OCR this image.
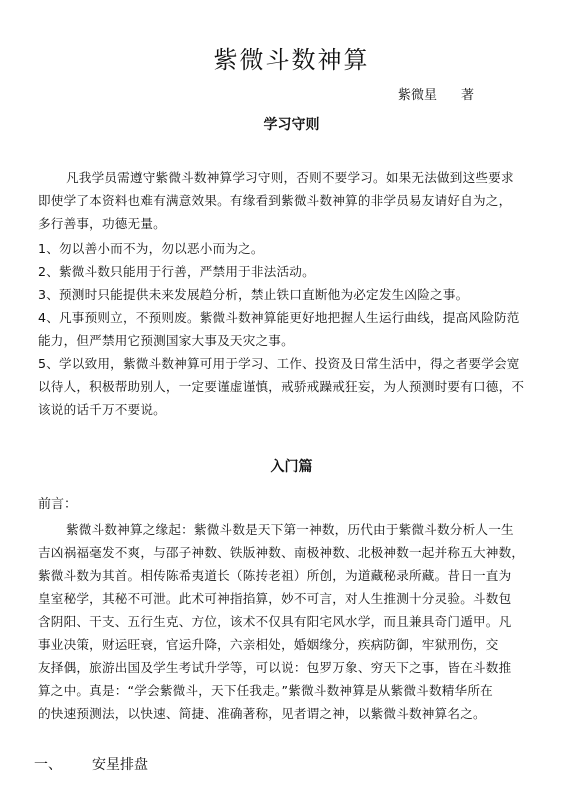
紫微斗数神算
紫微星 著
学习守则
凡我学员需遵守紫微斗数神算学习守则，否则不要学习。如果无法做到这些要求
即使学了本资料也难有满意效果。有缘看到紫微斗数神算的非学员易友请好自为之，
多行善事，功德无量。
1、勿以善小而不为，勿以恶小而为之。
2、紫微斗数只能用于行善，严禁用于非法活动。
3、预测时只能提供未来发展趋分析，禁止铁口直断他为必定发生凶险之事。
4、凡事预则立，不预则废。紫微斗数神算能更好地把握人生运行曲线，提高风险防范
能力，但严禁用它预测国家大事及天灾之事。
5、学以致用，紫微斗数神算可用于学习、工作、投资及日常生活中，得之者要学会宽
以待人，积极帮助别人，一定要谨虚谨慎，戒骄戒躁戒狂妄，为人预测时要有口德，不
该说的话千万不要说。
入门篇
前言：
紫微斗数神算之缘起：紫微斗数是天下第一神数，历代由于紫微斗数分析人一生
吉凶祸福毫发不爽，与邵子神数、铁版神数、南极神数、北极神数一起并称五大神数，
紫微斗数为其首。相传陈希夷道长（陈抟老祖）所创，为道藏秘录所藏。昔日一直为
皇室秘学，其秘不可泄。此术可神指掐算，妙不可言，对人生推测十分灵验。斗数包
含阴阳、干支、五行生克、方位，该术不仅具有阳宅风水学，而且兼具奇门遁甲。凡
事业决策，财运旺衰，官运升降，六亲相处，婚姻缘分，疾病防御，牢狱刑伤，交
友择偶，旅游出国及学生考试升学等，可以说：包罗万象、穷天下之事，皆在斗数推
算之中。真是：“学会紫微斗，天下任我走。”紫微斗数神算是从紫微斗数精华所在
的快速预测法，以快速、简捷、准确著称，见者谓之神，以紫微斗数神算名之。
一、 安星排盘
